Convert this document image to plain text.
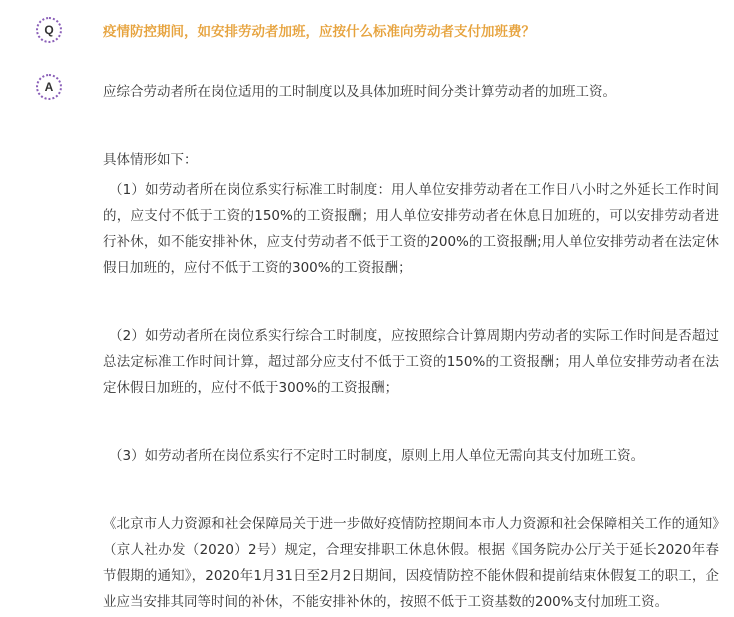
Q	疫情防控期间，如安排劳动者加班，应按什么标准向劳动者支付加班费？
A	应综合劳动者所在岗位适用的工时制度以及具体加班时间分类计算劳动者的加班工资。

具体情形如下：

（1）如劳动者所在岗位系实行标准工时制度：用人单位安排劳动者在工作日八小时之外延长工作时间的，应支付不低于工资的150%的工资报酬；用人单位安排劳动者在休息日加班的，可以安排劳动者进行补休，如不能安排补休，应支付劳动者不低于工资的200%的工资报酬;用人单位安排劳动者在法定休假日加班的，应付不低于工资的300%的工资报酬；

（2）如劳动者所在岗位系实行综合工时制度，应按照综合计算周期内劳动者的实际工作时间是否超过总法定标准工作时间计算，超过部分应支付不低于工资的150%的工资报酬；用人单位安排劳动者在法定休假日加班的，应付不低于300%的工资报酬；

（3）如劳动者所在岗位系实行不定时工时制度，原则上用人单位无需向其支付加班工资。

《北京市人力资源和社会保障局关于进一步做好疫情防控期间本市人力资源和社会保障相关工作的通知》（京人社办发（2020）2号）规定，合理安排职工休息休假。根据《国务院办公厅关于延长2020年春节假期的通知》，2020年1月31日至2月2日期间，因疫情防控不能休假和提前结束休假复工的职工，企业应当安排其同等时间的补休，不能安排补休的，按照不低于工资基数的200%支付加班工资。
